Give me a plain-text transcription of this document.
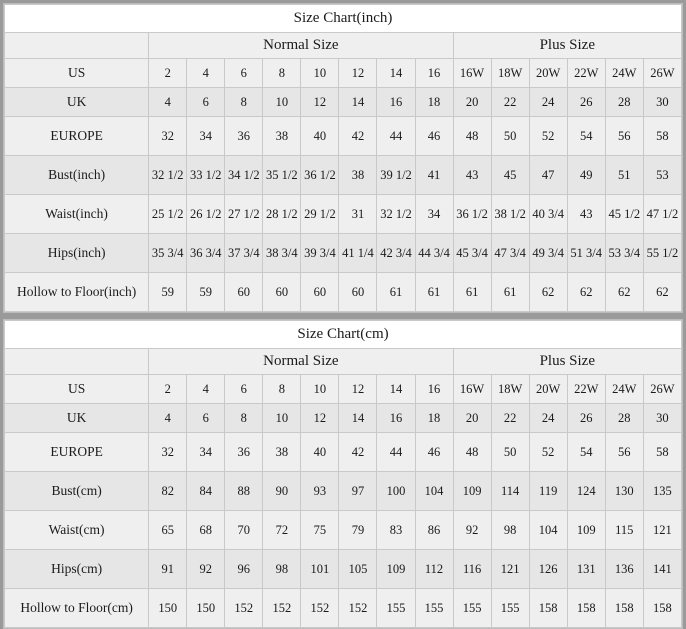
Size Chart(inch)														
	Normal Size								Plus Size					
US	2	4	6	8	10	12	14	16	16W	18W	20W	22W	24W	26W
UK	4	6	8	10	12	14	16	18	20	22	24	26	28	30
EUROPE	32	34	36	38	40	42	44	46	48	50	52	54	56	58
Bust(inch)	32 1/2	33 1/2	34 1/2	35 1/2	36 1/2	38	39 1/2	41	43	45	47	49	51	53
Waist(inch)	25 1/2	26 1/2	27 1/2	28 1/2	29 1/2	31	32 1/2	34	36 1/2	38 1/2	40 3/4	43	45 1/2	47 1/2
Hips(inch)	35 3/4	36 3/4	37 3/4	38 3/4	39 3/4	41 1/4	42 3/4	44 3/4	45 3/4	47 3/4	49 3/4	51 3/4	53 3/4	55 1/2
Hollow to Floor(inch)	59	59	60	60	60	60	61	61	61	61	62	62	62	62
Size Chart(cm)														
	Normal Size								Plus Size					
US	2	4	6	8	10	12	14	16	16W	18W	20W	22W	24W	26W
UK	4	6	8	10	12	14	16	18	20	22	24	26	28	30
EUROPE	32	34	36	38	40	42	44	46	48	50	52	54	56	58
Bust(cm)	82	84	88	90	93	97	100	104	109	114	119	124	130	135
Waist(cm)	65	68	70	72	75	79	83	86	92	98	104	109	115	121
Hips(cm)	91	92	96	98	101	105	109	112	116	121	126	131	136	141
Hollow to Floor(cm)	150	150	152	152	152	152	155	155	155	155	158	158	158	158
